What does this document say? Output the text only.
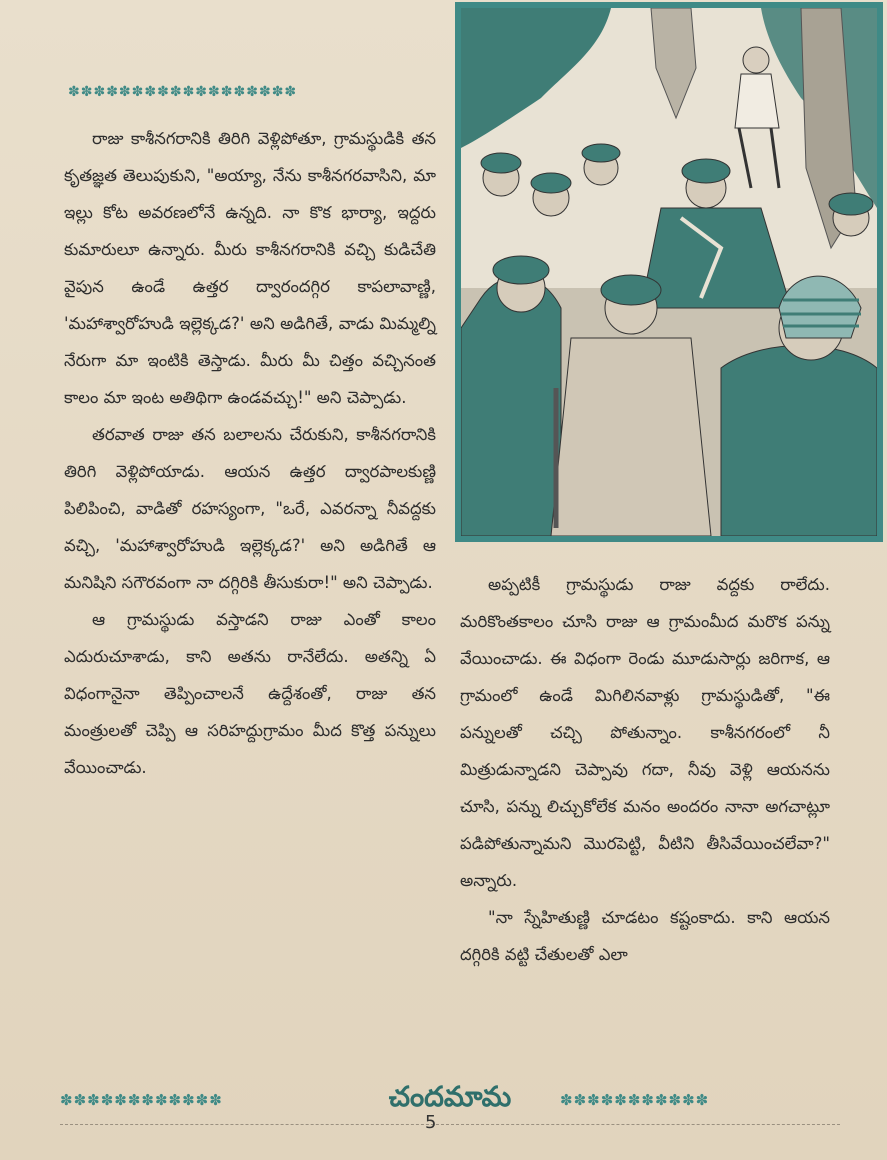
✽✽✽✽✽✽✽✽✽✽✽✽✽✽✽✽✽✽

రాజు కాశీనగరానికి తిరిగి వెళ్లిపోతూ, గ్రామస్థుడికి తన కృతజ్ఞత తెలుపుకుని, "అయ్యా, నేను కాశీనగరవాసిని, మా ఇల్లు కోట అవరణలోనే ఉన్నది. నా కొక భార్యా, ఇద్దరు కుమారులూ ఉన్నారు. మీరు కాశీనగరానికి వచ్చి కుడిచేతి వైపున ఉండే ఉత్తర ద్వారందగ్గిర కాపలావాణ్ణి, 'మహాశ్వారోహుడి ఇల్లెక్కడ?' అని అడిగితే, వాడు మిమ్మల్ని నేరుగా మా ఇంటికి తెస్తాడు. మీరు మీ చిత్తం వచ్చినంత కాలం మా ఇంట అతిథిగా ఉండవచ్చు!" అని చెప్పాడు.

తరవాత రాజు తన బలాలను చేరుకుని, కాశీనగరానికి తిరిగి వెళ్లిపోయాడు. ఆయన ఉత్తర ద్వారపాలకుణ్ణి పిలిపించి, వాడితో రహస్యంగా, "ఒరే, ఎవరన్నా నీవద్దకు వచ్చి, 'మహాశ్వారోహుడి ఇల్లెక్కడ?' అని అడిగితే ఆ మనిషిని సగౌరవంగా నా దగ్గిరికి తీసుకురా!" అని చెప్పాడు.

ఆ గ్రామస్థుడు వస్తాడని రాజు ఎంతో కాలం ఎదురుచూశాడు, కాని అతను రానేలేదు. అతన్ని ఏ విధంగానైనా తెప్పించాలనే ఉద్దేశంతో, రాజు తన మంత్రులతో చెప్పి ఆ సరిహద్దుగ్రామం మీద కొత్త పన్నులు వేయించాడు.

అప్పటికీ గ్రామస్థుడు రాజు వద్దకు రాలేదు. మరికొంతకాలం చూసి రాజు ఆ గ్రామంమీద మరొక పన్ను వేయించాడు. ఈ విధంగా రెండు మూడుసార్లు జరిగాక, ఆ గ్రామంలో ఉండే మిగిలినవాళ్లు గ్రామస్థుడితో, "ఈ పన్నులతో చచ్చి పోతున్నాం. కాశీనగరంలో నీ మిత్రుడున్నాడని చెప్పావు గదా, నీవు వెళ్లి ఆయనను చూసి, పన్ను లిచ్చుకోలేక మనం అందరం నానా అగచాట్లూ పడిపోతున్నామని మొరపెట్టి, వీటిని తీసివేయించలేవా?" అన్నారు.

"నా స్నేహితుణ్ణి చూడటం కష్టంకాదు. కాని ఆయన దగ్గిరికి వట్టి చేతులతో ఎలా

✽✽✽✽✽✽✽✽✽✽✽✽	చందమామ	✽✽✽✽✽✽✽✽✽✽✽
5
